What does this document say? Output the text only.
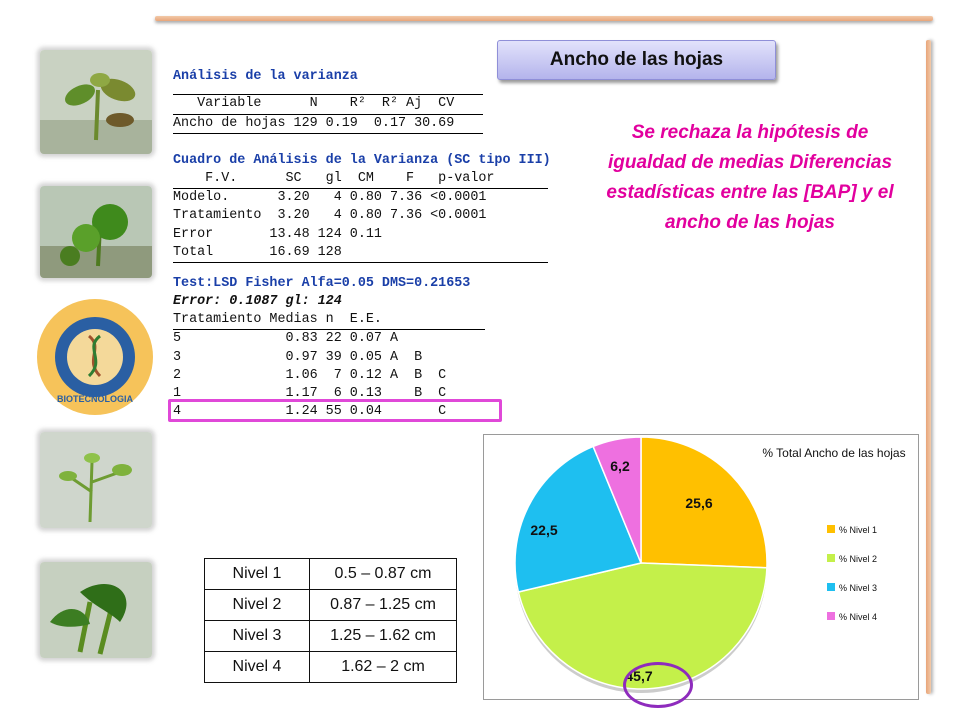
BIOTECNOLOGIA

Análisis de la varianza
Variable      N    R²  R² Aj  CV
Ancho de hojas 129 0.19  0.17 30.69
Cuadro de Análisis de la Varianza (SC tipo III)
F.V.      SC   gl  CM    F   p-valor
Modelo.      3.20   4 0.80 7.36 <0.0001
Tratamiento  3.20   4 0.80 7.36 <0.0001
Error       13.48 124 0.11
Total       16.69 128
Test:LSD Fisher Alfa=0.05 DMS=0.21653
Error: 0.1087 gl: 124
Tratamiento Medias n  E.E.
5             0.83 22 0.07 A
3             0.97 39 0.05 A  B
2             1.06  7 0.12 A  B  C
1             1.17  6 0.13    B  C
4             1.24 55 0.04       C

Ancho de las hojas
Se rechaza la hipótesis de igualdad de medias Diferencias estadísticas entre las [BAP] y el ancho de las hojas
Nivel 1	0.5 – 0.87 cm
Nivel 2	0.87 – 1.25 cm
Nivel 3	1.25 – 1.62 cm
Nivel 4	1.62 – 2 cm
% Total Ancho de las hojas
25,6
45,7
22,5
6,2
% Nivel 1
% Nivel 2
% Nivel 3
% Nivel 4
